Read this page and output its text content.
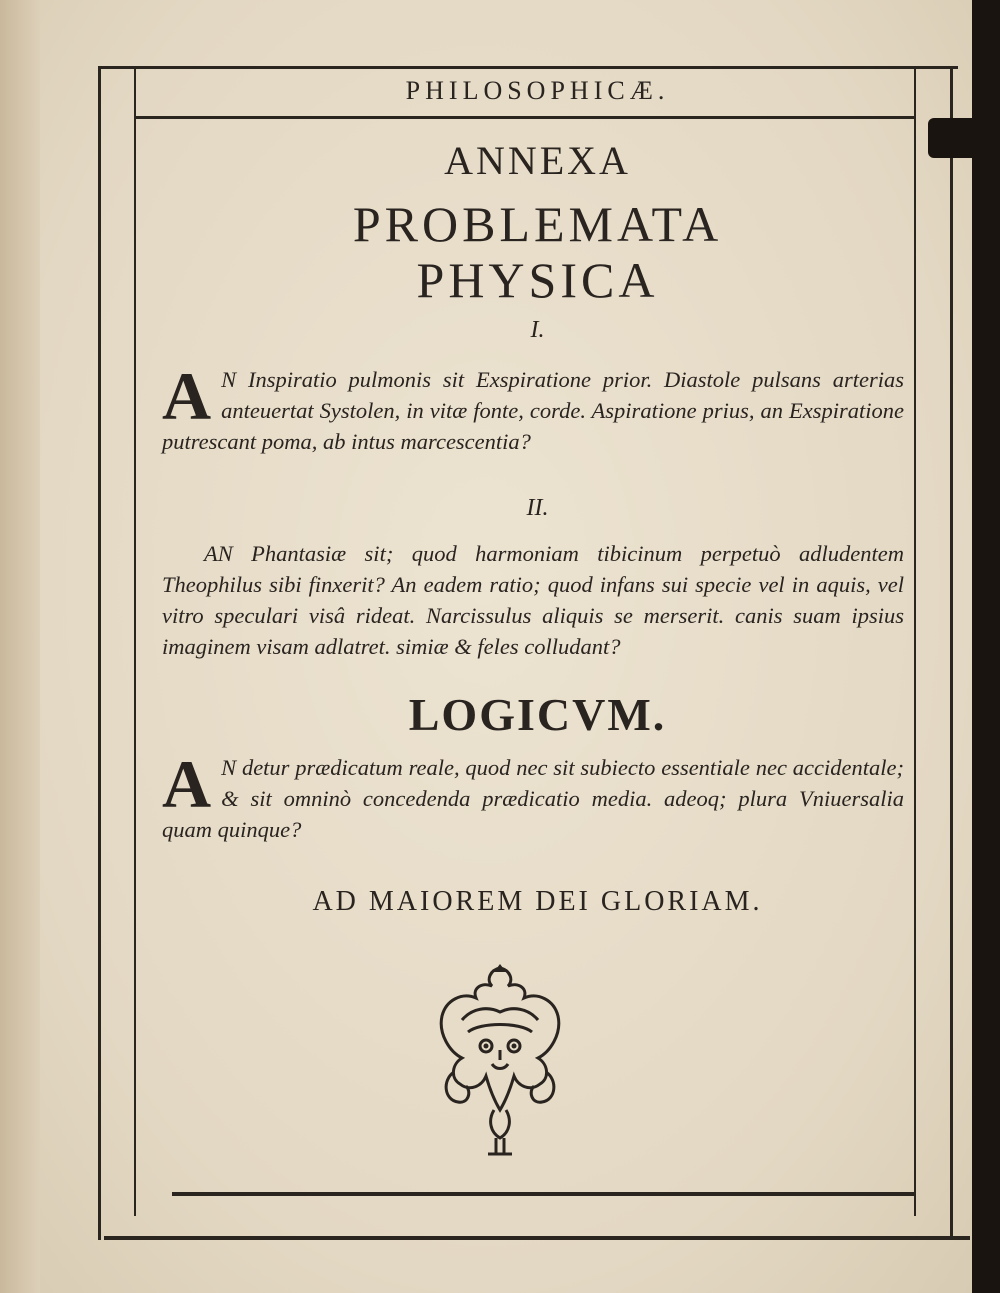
PHILOSOPHICÆ.
ANNEXA
PROBLEMATA
PHYSICA
I.

A N Inspiratio pulmonis sit Exspiratione prior. Diastole pulsans arterias anteuertat Systolen, in vitæ fonte, corde. Aspiratione prius, an Exspiratione putrescant poma, ab intus marcescentia?

II.

AN Phantasiæ sit; quod harmoniam tibicinum perpetuò adludentem Theophilus sibi finxerit? An eadem ratio; quod infans sui specie vel in aquis, vel vitro speculari visâ rideat. Narcissulus aliquis se merserit. canis suam ipsius imaginem visam adlatret. simiæ & feles colludant?

LOGICVM.

A N detur prædicatum reale, quod nec sit subiecto essentiale nec accidentale; & sit omninò concedenda prædicatio media. adeoq; plura Vniuersalia quam quinque?

AD MAIOREM DEI GLORIAM.
